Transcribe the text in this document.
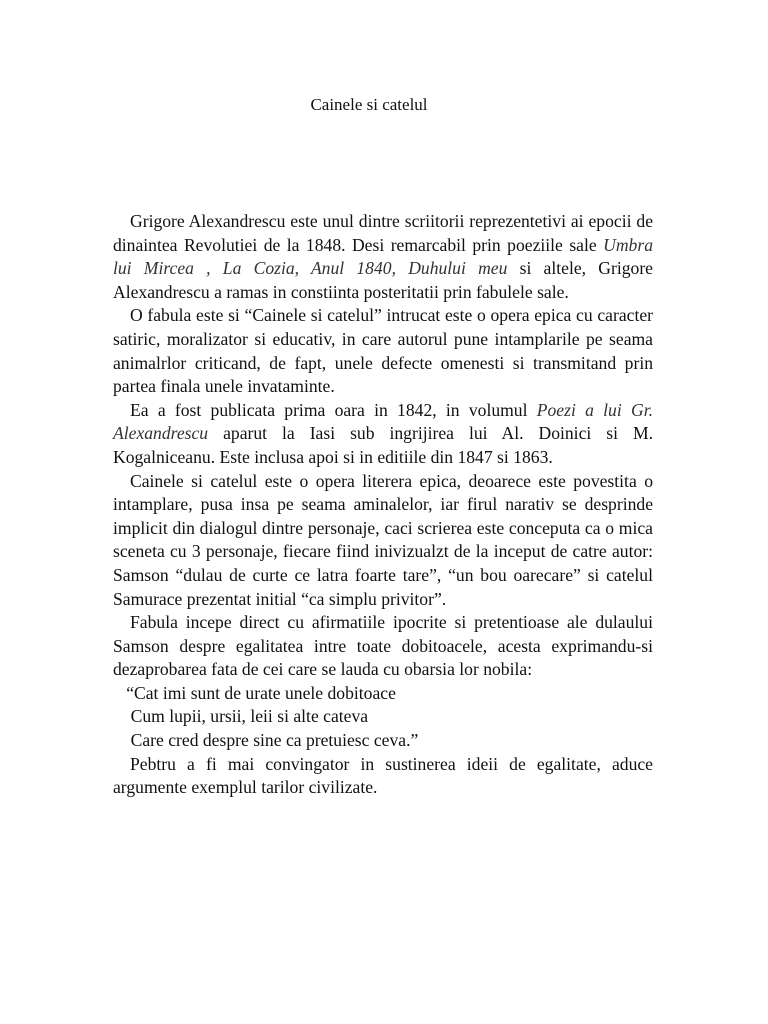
Cainele si catelul

Grigore Alexandrescu este unul dintre scriitorii reprezentetivi ai epocii de dinaintea Revolutiei de la 1848. Desi remarcabil prin poeziile sale Umbra lui Mircea , La Cozia, Anul 1840, Duhului meu si altele, Grigore Alexandrescu a ramas in constiinta posteritatii prin fabulele sale.

O fabula este si “Cainele si catelul” intrucat este o opera epica cu caracter satiric, moralizator si educativ, in care autorul pune intamplarile pe seama animalrlor criticand, de fapt, unele defecte omenesti si transmitand prin partea finala unele invataminte.

Ea a fost publicata prima oara in 1842, in volumul Poezi a lui Gr. Alexandrescu aparut la Iasi sub ingrijirea lui Al. Doinici si M. Kogalniceanu. Este inclusa apoi si in editiile din 1847 si 1863.

Cainele si catelul este o opera literera epica, deoarece este povestita o intamplare, pusa insa pe seama aminalelor, iar firul narativ se desprinde implicit din dialogul dintre personaje, caci scrierea este conceputa ca o mica sceneta cu 3 personaje, fiecare fiind inivizualzt de la inceput de catre autor: Samson “dulau de curte ce latra foarte tare”, “un bou oarecare” si catelul Samurace prezentat initial “ca simplu privitor”.

Fabula incepe direct cu afirmatiile ipocrite si pretentioase ale dulaului Samson despre egalitatea intre toate dobitoacele, acesta exprimandu-si dezaprobarea fata de cei care se lauda cu obarsia lor nobila:

“Cat imi sunt de urate unele dobitoace

Cum lupii, ursii, leii si alte cateva

Care cred despre sine ca pretuiesc ceva.”

Pebtru a fi mai convingator in sustinerea ideii de egalitate, aduce argumente exemplul tarilor civilizate.
